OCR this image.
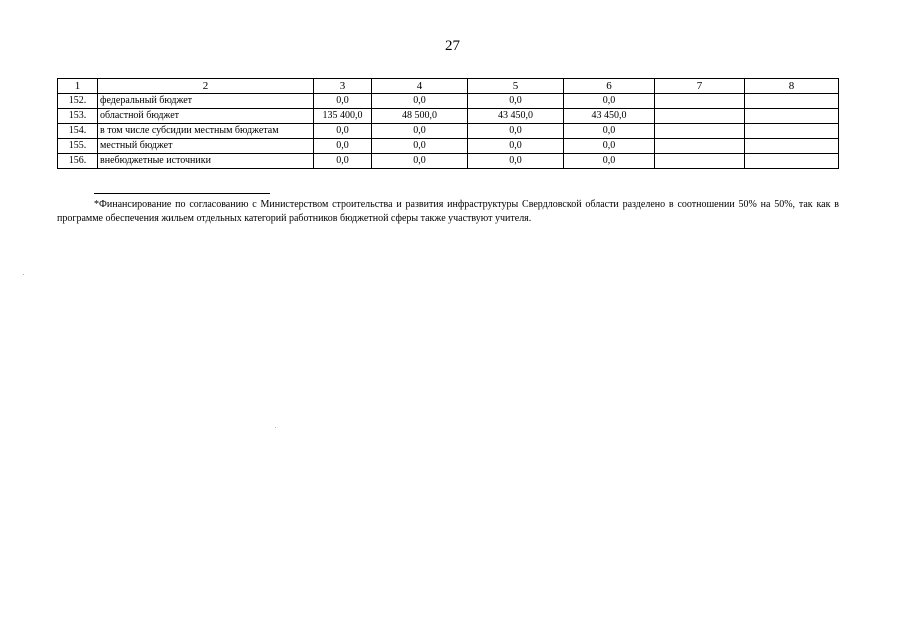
27
1	2	3	4	5	6	7	8
152.	федеральный бюджет	0,0	0,0	0,0	0,0		
153.	областной бюджет	135 400,0	48 500,0	43 450,0	43 450,0		
154.	в том числе субсидии местным бюджетам	0,0	0,0	0,0	0,0		
155.	местный бюджет	0,0	0,0	0,0	0,0		
156.	внебюджетные источники	0,0	0,0	0,0	0,0		
*Финансирование по согласованию с Министерством строительства и развития инфраструктуры Свердловской области разделено в соотношении 50% на 50%, так как в программе обеспечения жильем отдельных категорий работников бюджетной сферы также участвуют учителя.
